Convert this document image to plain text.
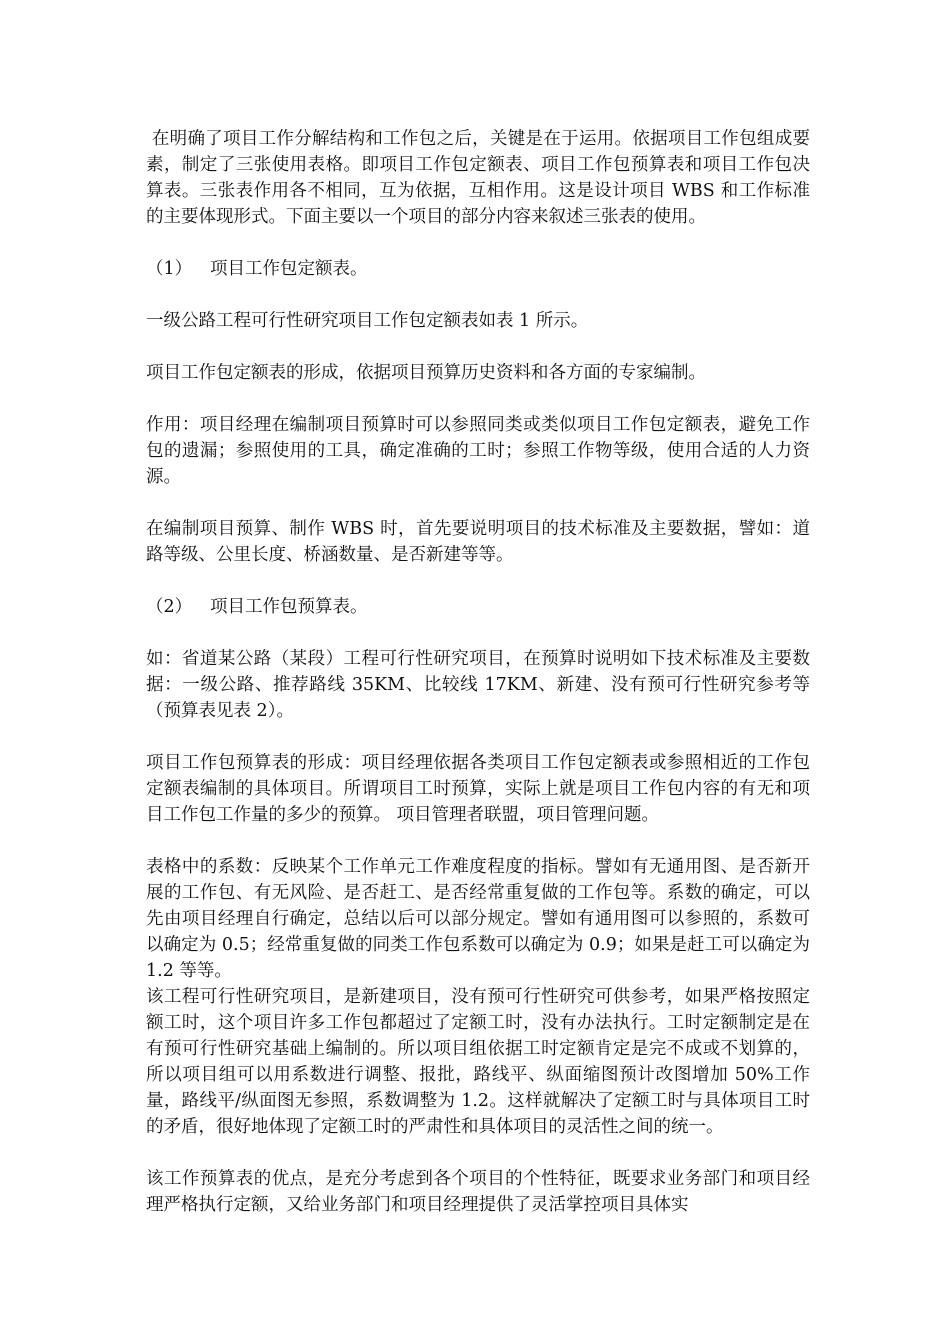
在明确了项目工作分解结构和工作包之后，关键是在于运用。依据项目工作包组成要素，制定了三张使用表格。即项目工作包定额表、项目工作包预算表和项目工作包决算表。三张表作用各不相同，互为依据，互相作用。这是设计项目 WBS 和工作标准的主要体现形式。下面主要以一个项目的部分内容来叙述三张表的使用。

（1） 项目工作包定额表。

一级公路工程可行性研究项目工作包定额表如表 1 所示。

项目工作包定额表的形成，依据项目预算历史资料和各方面的专家编制。

作用：项目经理在编制项目预算时可以参照同类或类似项目工作包定额表，避免工作包的遗漏；参照使用的工具，确定准确的工时；参照工作物等级，使用合适的人力资源。

在编制项目预算、制作 WBS 时，首先要说明项目的技术标准及主要数据，譬如：道路等级、公里长度、桥涵数量、是否新建等等。

（2） 项目工作包预算表。

如：省道某公路（某段）工程可行性研究项目，在预算时说明如下技术标准及主要数据：一级公路、推荐路线 35KM、比较线 17KM、新建、没有预可行性研究参考等（预算表见表 2）。

项目工作包预算表的形成：项目经理依据各类项目工作包定额表或参照相近的工作包定额表编制的具体项目。所谓项目工时预算，实际上就是项目工作包内容的有无和项目工作包工作量的多少的预算。 项目管理者联盟，项目管理问题。

表格中的系数：反映某个工作单元工作难度程度的指标。譬如有无通用图、是否新开展的工作包、有无风险、是否赶工、是否经常重复做的工作包等。系数的确定，可以先由项目经理自行确定，总结以后可以部分规定。譬如有通用图可以参照的，系数可以确定为 0.5；经常重复做的同类工作包系数可以确定为 0.9；如果是赶工可以确定为 1.2 等等。

该工程可行性研究项目，是新建项目，没有预可行性研究可供参考，如果严格按照定额工时，这个项目许多工作包都超过了定额工时，没有办法执行。工时定额制定是在有预可行性研究基础上编制的。所以项目组依据工时定额肯定是完不成或不划算的，所以项目组可以用系数进行调整、报批，路线平、纵面缩图预计改图增加 50%工作量，路线平/纵面图无参照，系数调整为 1.2。这样就解决了定额工时与具体项目工时的矛盾，很好地体现了定额工时的严肃性和具体项目的灵活性之间的统一。

该工作预算表的优点，是充分考虑到各个项目的个性特征，既要求业务部门和项目经理严格执行定额，又给业务部门和项目经理提供了灵活掌控项目具体实
